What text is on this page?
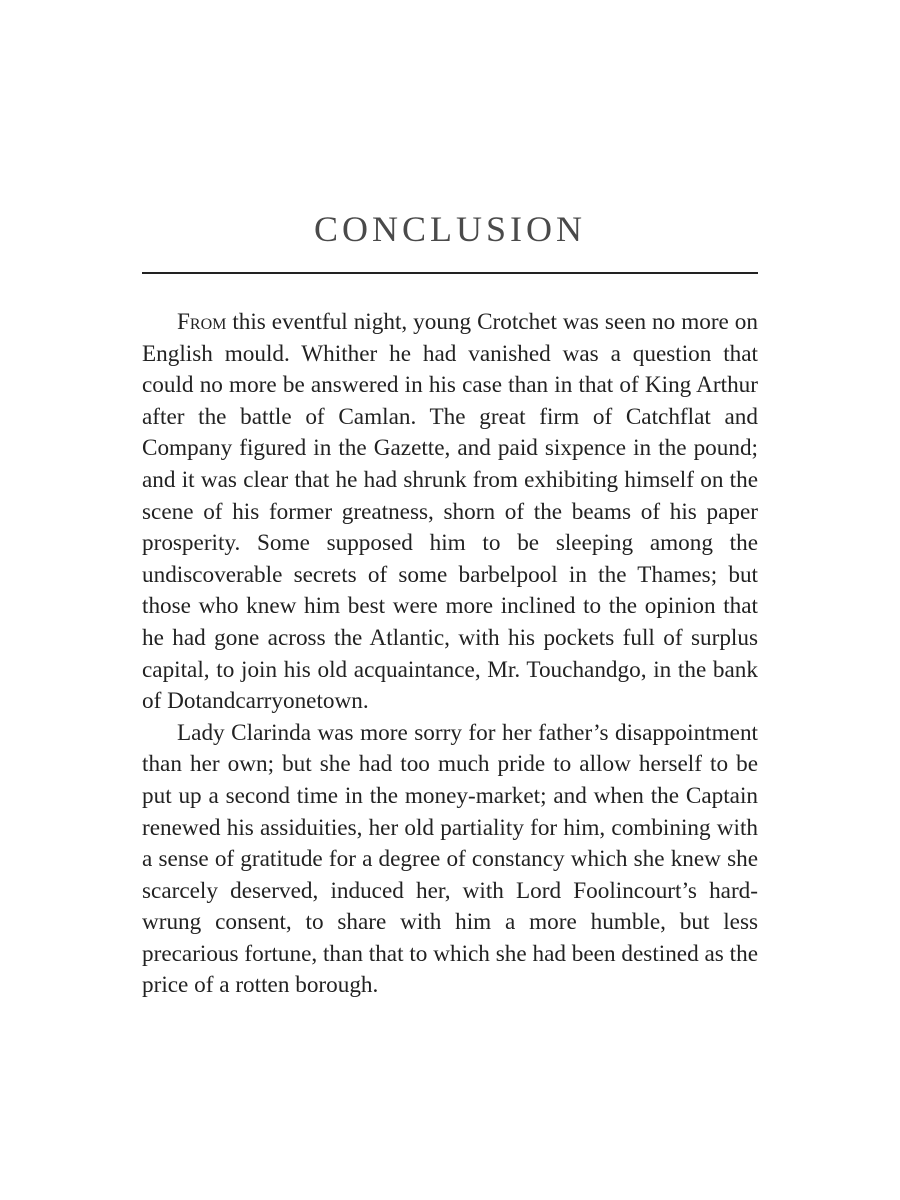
CONCLUSION

From this eventful night, young Crotchet was seen no more on English mould. Whither he had vanished was a question that could no more be answered in his case than in that of King Arthur after the battle of Camlan. The great firm of Catchflat and Company figured in the Gazette, and paid sixpence in the pound; and it was clear that he had shrunk from exhibiting himself on the scene of his former greatness, shorn of the beams of his paper prosperity. Some supposed him to be sleeping among the undiscoverable secrets of some barbelpool in the Thames; but those who knew him best were more inclined to the opinion that he had gone across the Atlantic, with his pockets full of surplus capital, to join his old acquaintance, Mr. Touchandgo, in the bank of Dotandcarryonetown.

Lady Clarinda was more sorry for her father’s disappointment than her own; but she had too much pride to allow herself to be put up a second time in the money-market; and when the Captain renewed his assiduities, her old partiality for him, combining with a sense of gratitude for a degree of constancy which she knew she scarcely deserved, induced her, with Lord Foolincourt’s hard-wrung consent, to share with him a more humble, but less precarious fortune, than that to which she had been destined as the price of a rotten borough.
